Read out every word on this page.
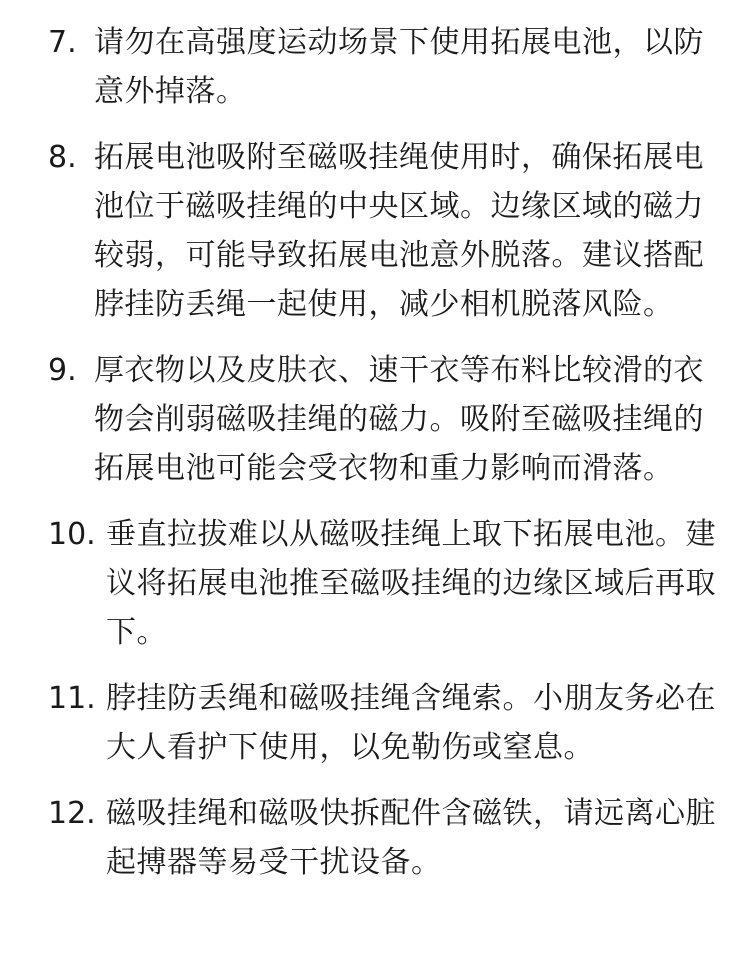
7. 请勿在高强度运动场景下使用拓展电池，以防意外掉落。
8. 拓展电池吸附至磁吸挂绳使用时，确保拓展电池位于磁吸挂绳的中央区域。边缘区域的磁力较弱，可能导致拓展电池意外脱落。建议搭配脖挂防丢绳一起使用，减少相机脱落风险。
9. 厚衣物以及皮肤衣、速干衣等布料比较滑的衣物会削弱磁吸挂绳的磁力。吸附至磁吸挂绳的拓展电池可能会受衣物和重力影响而滑落。
10. 垂直拉拔难以从磁吸挂绳上取下拓展电池。建议将拓展电池推至磁吸挂绳的边缘区域后再取下。
11. 脖挂防丢绳和磁吸挂绳含绳索。小朋友务必在大人看护下使用，以免勒伤或窒息。
12. 磁吸挂绳和磁吸快拆配件含磁铁，请远离心脏起搏器等易受干扰设备。
